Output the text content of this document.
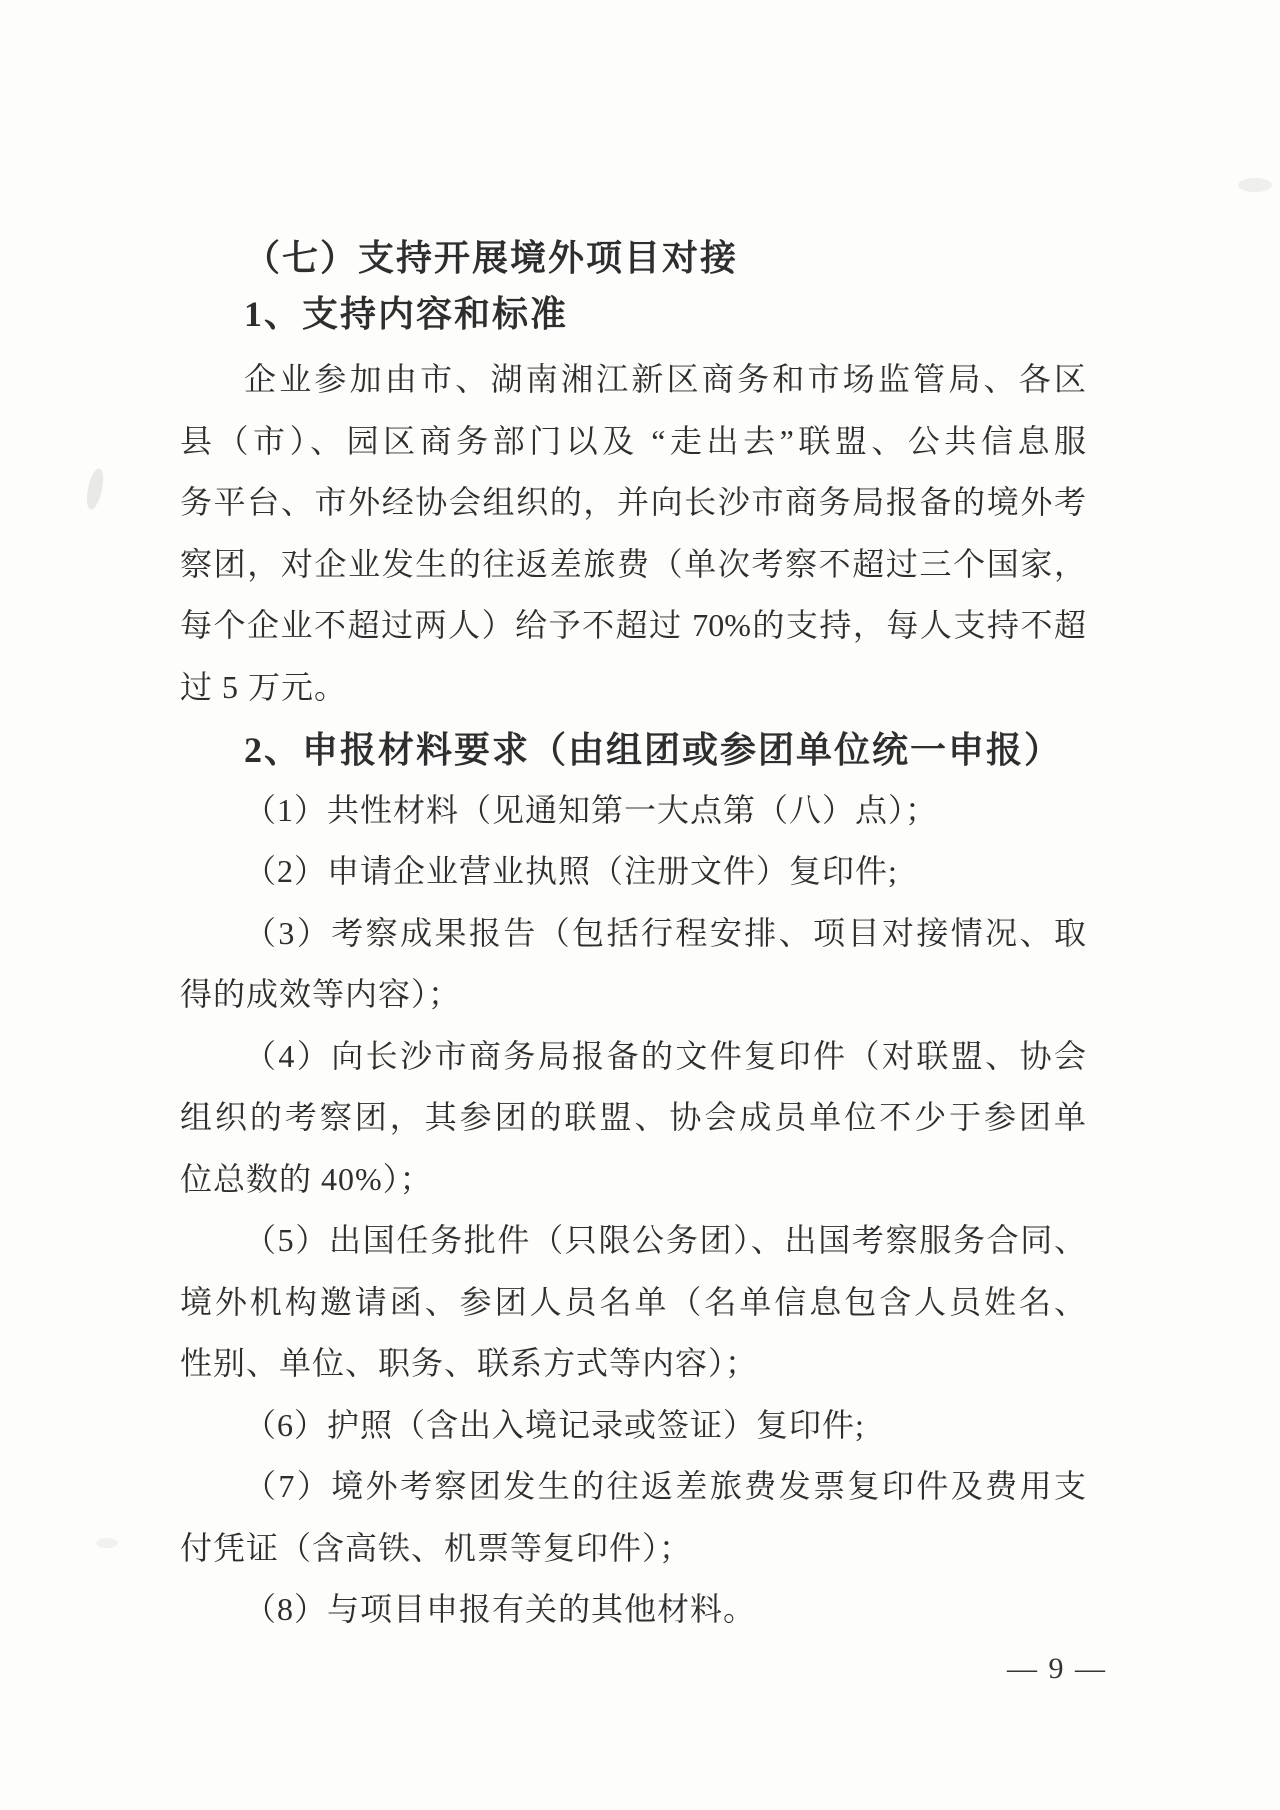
（七）支持开展境外项目对接
1、支持内容和标准
企业参加由市、湖南湘江新区商务和市场监管局、各区
县（市）、园区商务部门以及 “走出去”联盟、公共信息服
务平台、市外经协会组织的，并向长沙市商务局报备的境外考
察团，对企业发生的往返差旅费（单次考察不超过三个国家，
每个企业不超过两人）给予不超过 70%的支持，每人支持不超
过 5 万元。
2、申报材料要求（由组团或参团单位统一申报）
（1）共性材料（见通知第一大点第（八）点）；
（2）申请企业营业执照（注册文件）复印件;
（3）考察成果报告（包括行程安排、项目对接情况、取
得的成效等内容）；
（4）向长沙市商务局报备的文件复印件（对联盟、协会
组织的考察团，其参团的联盟、协会成员单位不少于参团单
位总数的 40%）；
（5）出国任务批件（只限公务团）、出国考察服务合同、
境外机构邀请函、参团人员名单（名单信息包含人员姓名、
性别、单位、职务、联系方式等内容）；
（6）护照（含出入境记录或签证）复印件;
（7）境外考察团发生的往返差旅费发票复印件及费用支
付凭证（含高铁、机票等复印件）；
（8）与项目申报有关的其他材料。
— 9 —
